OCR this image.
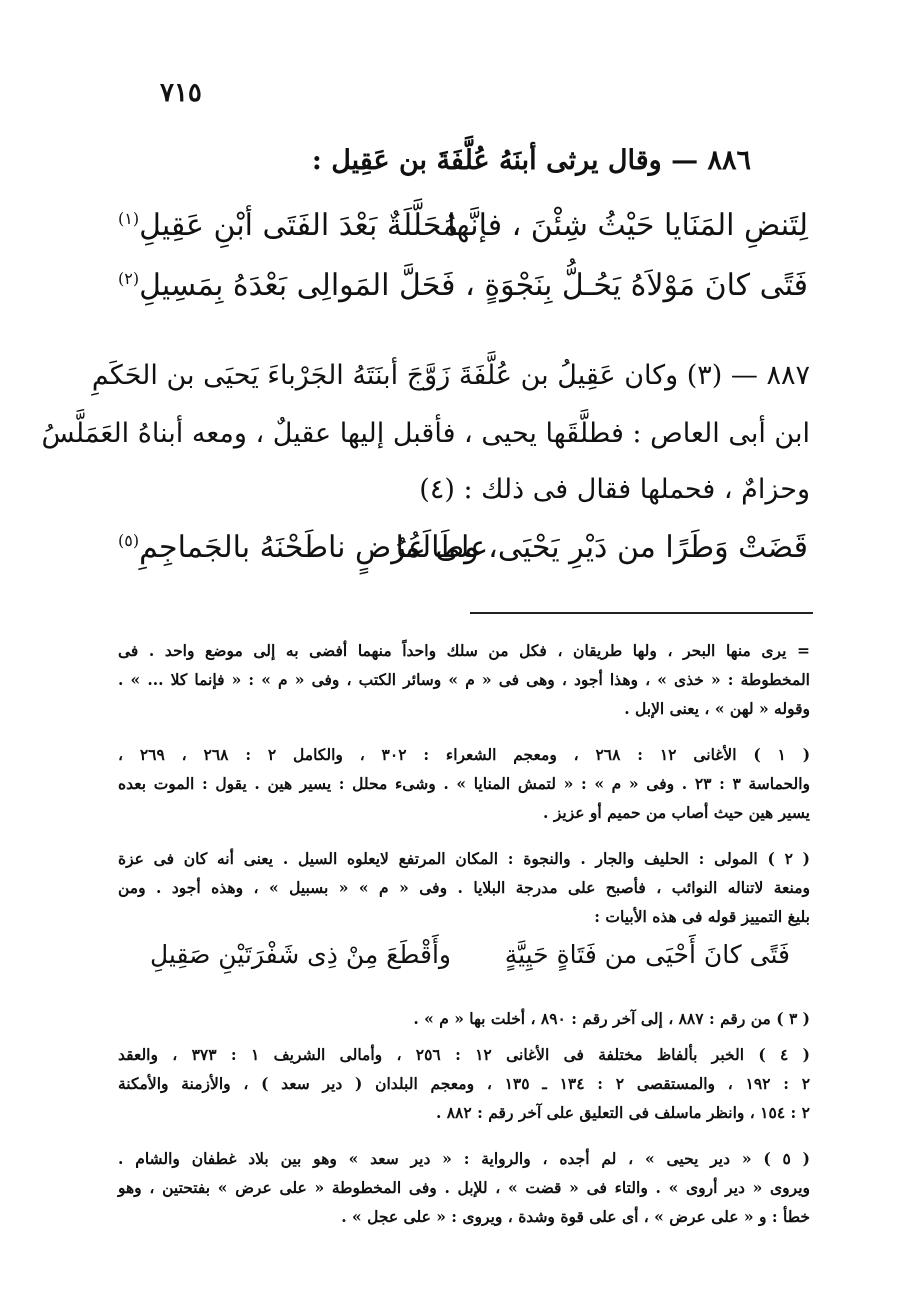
٧١٥
٨٨٦ — وقال يرثى أبنَهُ عُلَّفَةَ بن عَقِيل :
لِتَنضِ المَنَايا حَيْثُ شِئْنَ ، فإنَّها
مُحَلَّلَةٌ بَعْدَ الفَتَى أبْنِ عَقِيلِ$^{(١)}$
فَتًى كانَ مَوْلاَهُ يَحُـلُّ بِنَجْوَةٍ ،
فَحَلَّ المَوالِى بَعْدَهُ بِمَسِيلِ$^{(٢)}$
٨٨٧ — (٣) وكان عَقِيلُ بن عُلَّفَةَ زَوَّجَ أبنَتَهُ الجَرْباءَ يَحيَى بن الحَكَمِ
ابن أبى العاص : فطلَّقَها يحيى ، فأقبل إليها عقيلٌ ، ومعه أبناهُ العَمَلَّسُ
وحزامٌ ، فحملها فقال فى ذلك : (٤)
قَضَتْ وَطَرًا من دَيْرِ يَحْيَى، وطَالَما
على عُرُضٍ ناطَحْنَهُ بالجَماجِمِ$^{(٥)}$
= يرى منها البحر ، ولها طريقان ، فكل من سلك واحداً منهما أفضى به إلى موضع واحد . فى
المخطوطة : « خذى » ، وهذا أجود ، وهى فى « م » وسائر الكتب ، وفى « م » : « فإنما كلا ... » .
وقوله « لهن » ، يعنى الإبل .
( ١ ) الأغانى ١٢ : ٢٦٨ ، ومعجم الشعراء : ٣٠٢ ، والكامل ٢ : ٢٦٨ ، ٢٦٩ ،
والحماسة ٣ : ٢٣ . وفى « م » : « لتمش المنايا » . وشىء محلل : يسير هين . يقول : الموت بعده
يسير هين حيث أصاب من حميم أو عزيز .
( ٢ ) المولى : الحليف والجار . والنجوة : المكان المرتفع لايعلوه السيل . يعنى أنه كان فى عزة
ومنعة لاتناله النوائب ، فأصبح على مدرجة البلايا . وفى « م » « بسبيل » ، وهذه أجود . ومن
بليغ التمييز قوله فى هذه الأبيات :
فَتًى كانَ أَحْيَى من فَتَاةٍ حَيِيَّةٍ
وأَقْطَعَ مِنْ ذِى شَفْرَتَيْنِ صَقِيلِ
( ٣ ) من رقم : ٨٨٧ ، إلى آخر رقم : ٨٩٠ ، أخلت بها « م » .
( ٤ ) الخبر بألفاظ مختلفة فى الأغانى ١٢ : ٢٥٦ ، وأمالى الشريف ١ : ٣٧٣ ، والعقد
٢ : ١٩٢ ، والمستقصى ٢ : ١٣٤ ـ ١٣٥ ، ومعجم البلدان ( دير سعد ) ، والأزمنة والأمكنة
٢ : ١٥٤ ، وانظر ماسلف فى التعليق على آخر رقم : ٨٨٢ .
( ٥ ) « دير يحيى » ، لم أجده ، والرواية : « دير سعد » وهو بين بلاد غطفان والشام .
ويروى « دير أروى » . والتاء فى « قضت » ، للإبل . وفى المخطوطة « على عرض » بفتحتين ، وهو
خطأ : و « على عرض » ، أى على قوة وشدة ، ويروى : « على عجل » .
